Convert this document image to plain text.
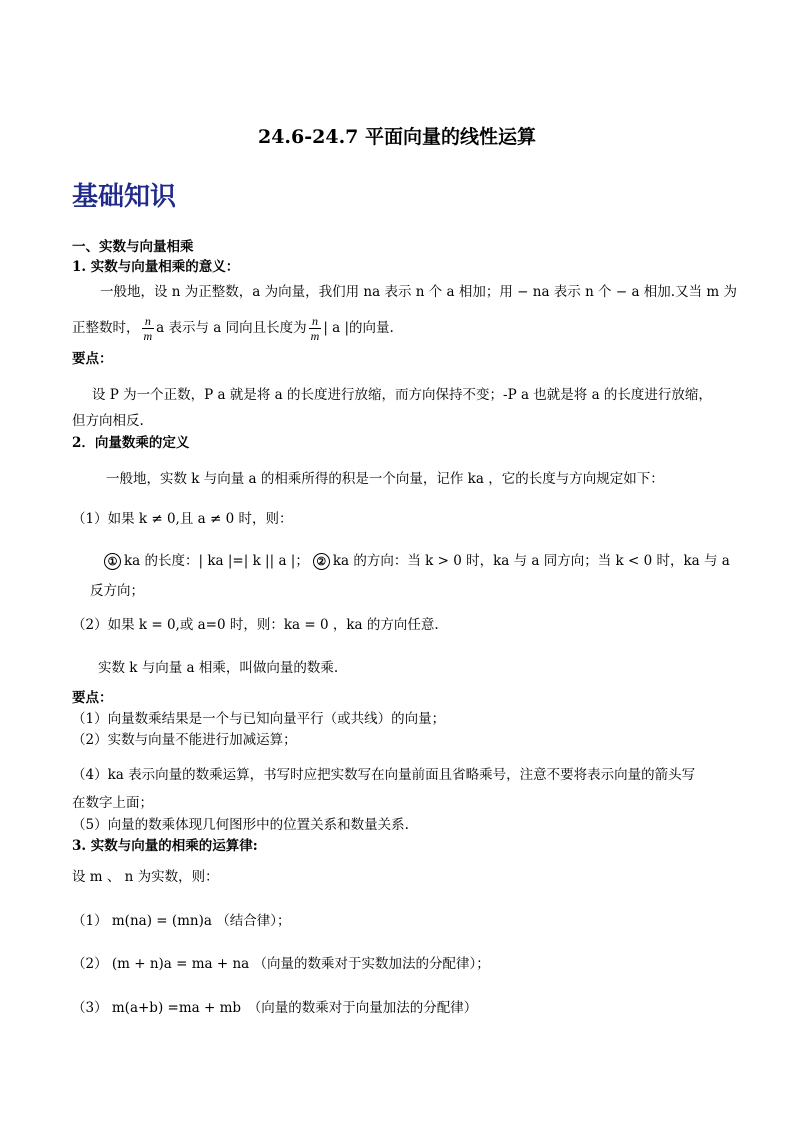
24.6-24.7 平面向量的线性运算
基础知识
一、实数与向量相乘
1. 实数与向量相乘的意义：
一般地，设 n 为正整数，a 为向量，我们用 na 表示 n 个 a 相加；用 − na 表示 n 个 − a 相加.又当 m 为
正整数时， $\frac{n}{m}$ a 表示与 a 同向且长度为 $\frac{n}{m}$ | a |的向量.
要点：
设 P 为一个正数，P a 就是将 a 的长度进行放缩，而方向保持不变；-P a 也就是将 a 的长度进行放缩，
但方向相反.
2．向量数乘的定义
一般地，实数 k 与向量 a 的相乘所得的积是一个向量，记作 ka ，它的长度与方向规定如下：
（1）如果 k ≠ 0,且 a ≠ 0 时，则：
① ka 的长度：| ka |=| k || a |； ② ka 的方向：当 k > 0 时，ka 与 a 同方向；当 k < 0 时，ka 与 a
反方向；
（2）如果 k = 0,或 a=0 时，则：ka = 0 ，ka 的方向任意.
实数 k 与向量 a 相乘，叫做向量的数乘.
要点：
（1）向量数乘结果是一个与已知向量平行（或共线）的向量；
（2）实数与向量不能进行加减运算；
（4）ka 表示向量的数乘运算，书写时应把实数写在向量前面且省略乘号，注意不要将表示向量的箭头写
在数字上面；
（5）向量的数乘体现几何图形中的位置关系和数量关系.
3. 实数与向量的相乘的运算律:
设 m 、 n 为实数，则：
（1） m(na) = (mn)a （结合律）；
（2） (m + n)a = ma + na （向量的数乘对于实数加法的分配律）；
（3） m(a+b) =ma + mb　（向量的数乘对于向量加法的分配律）
